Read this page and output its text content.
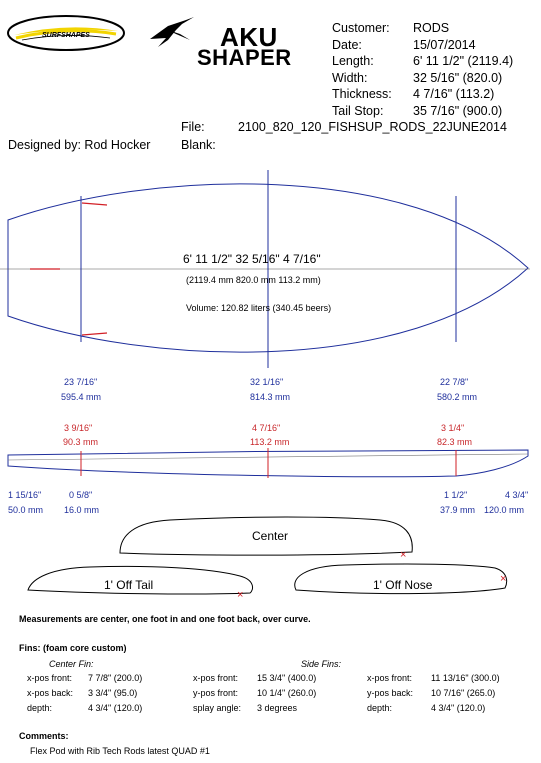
SURFSHAPES	AKU
SHAPER
Customer: RODS
Date:	15/07/2014
Length:	6' 11 1/2" (2119.4)
Width:	32 5/16" (820.0)
Thickness: 4 7/16" (113.2)
Tail Stop: 35 7/16" (900.0)
File:	2100_820_120_FISHSUP_RODS_22JUNE2014
Designed by: Rod Hocker Blank:
×
×
×
6' 11 1/2" 32 5/16" 4 7/16"
(2119.4 mm 820.0 mm 113.2 mm)
Volume: 120.82 liters (340.45 beers)
23 7/16"
595.4 mm
32 1/16"
814.3 mm
22 7/8"
580.2 mm
3 9/16"
90.3 mm
4 7/16"
113.2 mm
3 1/4"
82.3 mm
1 15/16"
50.0 mm
0 5/8"
16.0 mm
1 1/2"
37.9 mm
4 3/4"
120.0 mm
Center
1' Off Tail	1' Off Nose
Measurements are center, one foot in and one foot back, over curve.
Fins: (foam core custom)
Center Fin:	Side Fins:
x-pos front: 7 7/8" (200.0)
x-pos back: 3 3/4" (95.0)
depth:	4 3/4" (120.0)
x-pos front: 15 3/4" (400.0)
y-pos front: 10 1/4" (260.0)
splay angle: 3 degrees
x-pos front: 11 13/16" (300.0)
y-pos back: 10 7/16" (265.0)
depth:	4 3/4" (120.0)
Comments:
Flex Pod with Rib Tech Rods latest QUAD #1
